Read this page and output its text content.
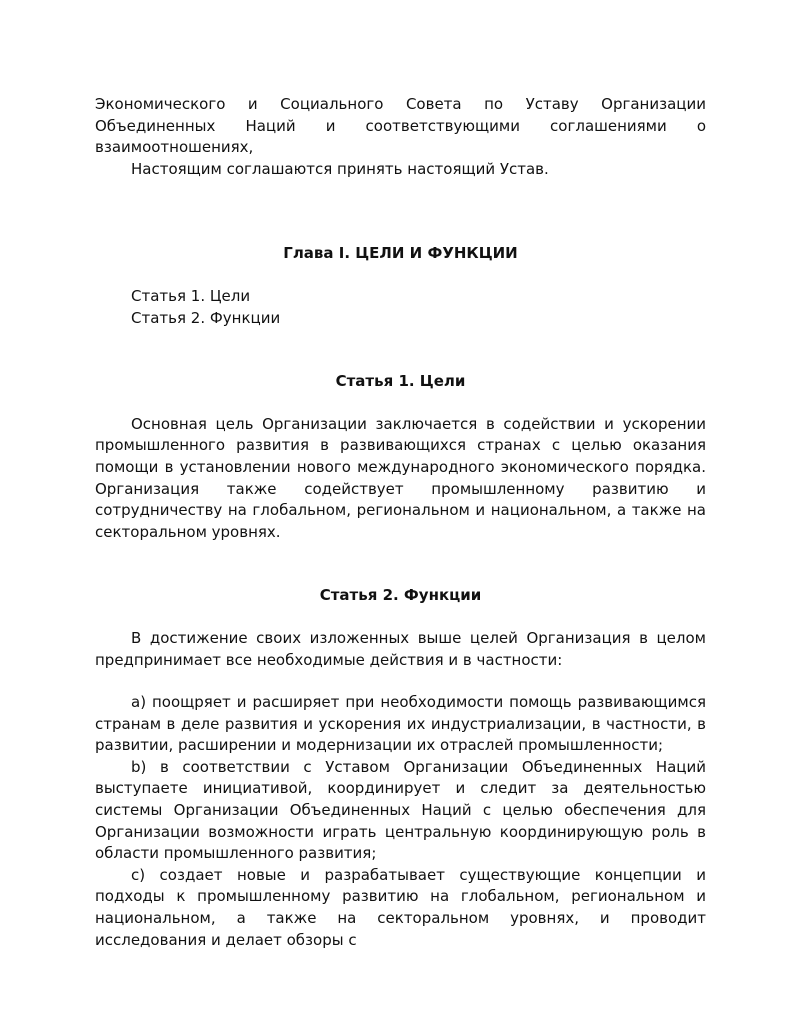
Экономического и Социального Совета по Уставу Организации Объединенных Наций и соответствующими соглашениями о взаимоотношениях,

Настоящим соглашаются принять настоящий Устав.

Глава I. ЦЕЛИ И ФУНКЦИИ

Статья 1. Цели

Статья 2. Функции

Статья 1. Цели

Основная цель Организации заключается в содействии и ускорении промышленного развития в развивающихся странах с целью оказания помощи в установлении нового международного экономического порядка. Организация также содействует промышленному развитию и сотрудничеству на глобальном, региональном и национальном, а также на секторальном уровнях.

Статья 2. Функции

В достижение своих изложенных выше целей Организация в целом предпринимает все необходимые действия и в частности:

а) поощряет и расширяет при необходимости помощь развивающимся странам в деле развития и ускорения их индустриализации, в частности, в развитии, расширении и модернизации их отраслей промышленности;

b) в соответствии с Уставом Организации Объединенных Наций выступаете инициативой, координирует и следит за деятельностью системы Организации Объединенных Наций с целью обеспечения для Организации возможности играть центральную координирующую роль в области промышленного развития;

с) создает новые и разрабатывает существующие концепции и подходы к промышленному развитию на глобальном, региональном и национальном, а также на секторальном уровнях, и проводит исследования и делает обзоры с
